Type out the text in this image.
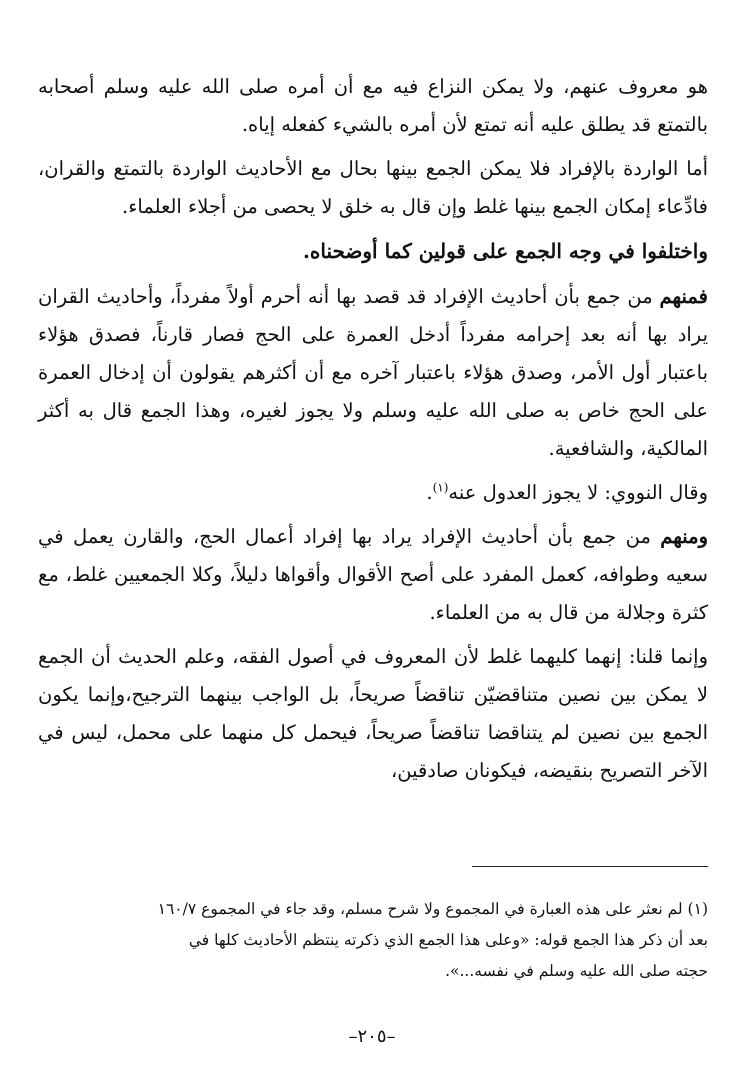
هو معروف عنهم، ولا يمكن النزاع فيه مع أن أمره صلى الله عليه وسلم أصحابه بالتمتع قد يطلق عليه أنه تمتع لأن أمره بالشيء كفعله إياه.

أما الواردة بالإفراد فلا يمكن الجمع بينها بحال مع الأحاديث الواردة بالتمتع والقران، فادِّعاء إمكان الجمع بينها غلط وإن قال به خلق لا يحصى من أجلاء العلماء.

واختلفوا في وجه الجمع على قولين كما أوضحناه.

فمنهم من جمع بأن أحاديث الإفراد قد قصد بها أنه أحرم أولاً مفرداً، وأحاديث القران يراد بها أنه بعد إحرامه مفرداً أدخل العمرة على الحج فصار قارناً، فصدق هؤلاء باعتبار أول الأمر، وصدق هؤلاء باعتبار آخره مع أن أكثرهم يقولون أن إدخال العمرة على الحج خاص به صلى الله عليه وسلم ولا يجوز لغيره، وهذا الجمع قال به أكثر المالكية، والشافعية.

وقال النووي: لا يجوز العدول عنه$^{(١)}$.

ومنهم من جمع بأن أحاديث الإفراد يراد بها إفراد أعمال الحج، والقارن يعمل في سعيه وطوافه، كعمل المفرد على أصح الأقوال وأقواها دليلاً، وكلا الجمعيين غلط، مع كثرة وجلالة من قال به من العلماء.

وإنما قلنا: إنهما كليهما غلط لأن المعروف في أصول الفقه، وعلم الحديث أن الجمع لا يمكن بين نصين متناقضيّن تناقضاً صريحاً، بل الواجب بينهما الترجيح،وإنما يكون الجمع بين نصين لم يتناقضا تناقضاً صريحاً، فيحمل كل منهما على محمل، ليس في الآخر التصريح بنقيضه، فيكونان صادقين،

(١) لم نعثر على هذه العبارة في المجموع ولا شرح مسلم، وقد جاء في المجموع ١٦٠/٧
بعد أن ذكر هذا الجمع قوله: «وعلى هذا الجمع الذي ذكرته ينتظم الأحاديث كلها في
حجته صلى الله عليه وسلم في نفسه...».
–٢٠٥–
